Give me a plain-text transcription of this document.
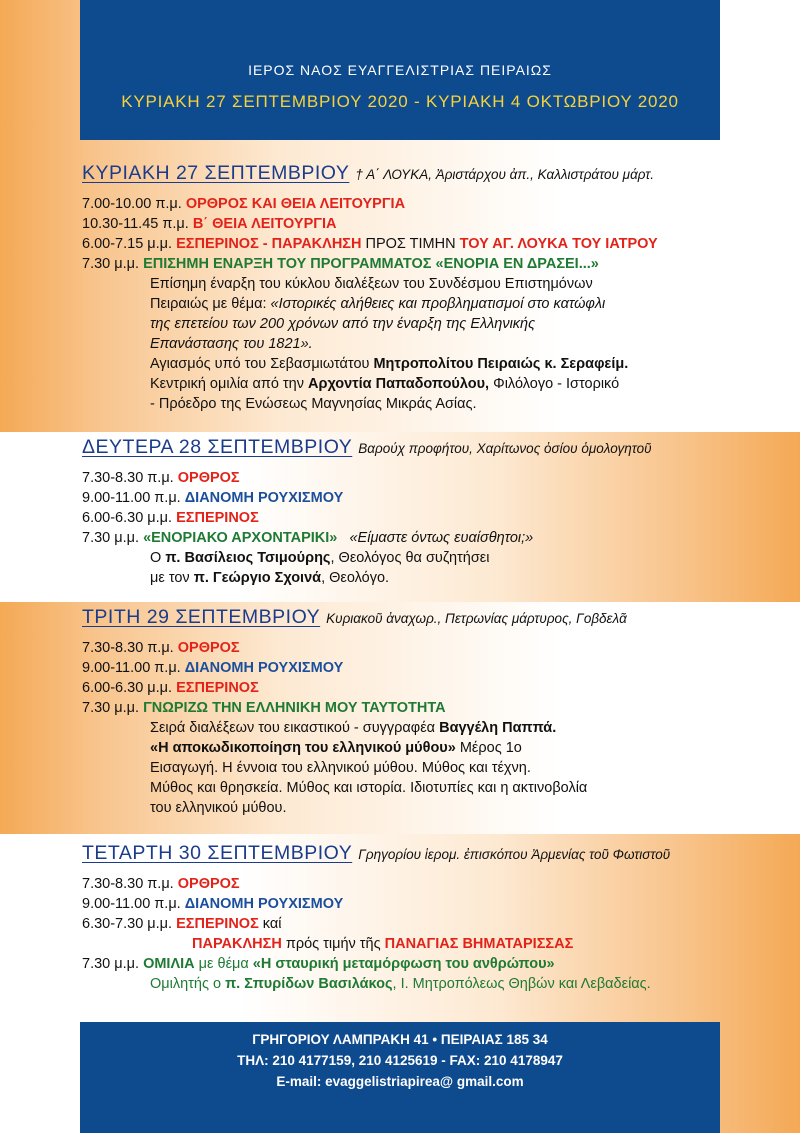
ΙΕΡΟΣ ΝΑΟΣ ΕΥΑΓΓΕΛΙΣΤΡΙΑΣ ΠΕΙΡΑΙΩΣ
ΚΥΡΙΑΚΗ 27 ΣΕΠΤΕΜΒΡΙΟΥ 2020 - ΚΥΡΙΑΚΗ 4 ΟΚΤΩΒΡΙΟΥ 2020
ΚΥΡΙΑΚΗ 27 ΣΕΠΤΕΜΒΡΙΟΥ † Α΄ ΛΟΥΚΑ, Ἀριστάρχου ἀπ., Καλλιστράτου μάρτ.
7.00-10.00 π.μ. ΟΡΘΡΟΣ ΚΑΙ ΘΕΙΑ ΛΕΙΤΟΥΡΓΙΑ
10.30-11.45 π.μ. Β΄ ΘΕΙΑ ΛΕΙΤΟΥΡΓΙΑ
6.00-7.15 μ.μ. ΕΣΠΕΡΙΝΟΣ - ΠΑΡΑΚΛΗΣΗ ΠΡΟΣ ΤΙΜΗΝ ΤΟΥ ΑΓ. ΛΟΥΚΑ ΤΟΥ ΙΑΤΡΟΥ
7.30 μ.μ. ΕΠΙΣΗΜΗ ΕΝΑΡΞΗ ΤΟΥ ΠΡΟΓΡΑΜΜΑΤΟΣ «ΕΝΟΡΙΑ ΕΝ ΔΡΑΣΕΙ...»
Επίσημη έναρξη του κύκλου διαλέξεων του Συνδέσμου Επιστημόνων
Πειραιώς με θέμα: «Ιστορικές αλήθειες και προβληματισμοί στο κατώφλι
της επετείου των 200 χρόνων από την έναρξη της Ελληνικής
Επανάστασης του 1821».
Αγιασμός υπό του Σεβασμιωτάτου Μητροπολίτου Πειραιώς κ. Σεραφείμ.
Κεντρική ομιλία από την Αρχοντία Παπαδοπούλου, Φιλόλογο - Ιστορικό
- Πρόεδρο της Ενώσεως Μαγνησίας Μικράς Ασίας.
ΔΕΥΤΕΡΑ 28 ΣΕΠΤΕΜΒΡΙΟΥ Βαρούχ προφήτου, Χαρίτωνος ὁσίου ὁμολογητοῦ
7.30-8.30 π.μ. ΟΡΘΡΟΣ
9.00-11.00 π.μ. ΔΙΑΝΟΜΗ ΡΟΥΧΙΣΜΟΥ
6.00-6.30 μ.μ. ΕΣΠΕΡΙΝΟΣ
7.30 μ.μ. «ΕΝΟΡΙΑΚΟ ΑΡΧΟΝΤΑΡΙΚΙ» «Είμαστε όντως ευαίσθητοι;»
Ο π. Βασίλειος Τσιμούρης, Θεολόγος θα συζητήσει
με τον π. Γεώργιο Σχοινά, Θεολόγο.
ΤΡΙΤΗ 29 ΣΕΠΤΕΜΒΡΙΟΥ Κυριακοῦ ἀναχωρ., Πετρωνίας μάρτυρος, Γοβδελᾶ
7.30-8.30 π.μ. ΟΡΘΡΟΣ
9.00-11.00 π.μ. ΔΙΑΝΟΜΗ ΡΟΥΧΙΣΜΟΥ
6.00-6.30 μ.μ. ΕΣΠΕΡΙΝΟΣ
7.30 μ.μ. ΓΝΩΡΙΖΩ ΤΗΝ ΕΛΛΗΝΙΚΗ ΜΟΥ ΤΑΥΤΟΤΗΤΑ
Σειρά διαλέξεων του εικαστικού - συγγραφέα Βαγγέλη Παππά.
«Η αποκωδικοποίηση του ελληνικού μύθου» Μέρος 1ο
Εισαγωγή. Η έννοια του ελληνικού μύθου. Μύθος και τέχνη.
Μύθος και θρησκεία. Μύθος και ιστορία. Ιδιοτυπίες και η ακτινοβολία
του ελληνικού μύθου.
ΤΕΤΑΡΤΗ 30 ΣΕΠΤΕΜΒΡΙΟΥ Γρηγορίου ἱερομ. ἐπισκόπου Ἀρμενίας τοῦ Φωτιστοῦ
7.30-8.30 π.μ. ΟΡΘΡΟΣ
9.00-11.00 π.μ. ΔΙΑΝΟΜΗ ΡΟΥΧΙΣΜΟΥ
6.30-7.30 μ.μ. ΕΣΠΕΡΙΝΟΣ καί
ΠΑΡΑΚΛΗΣΗ πρός τιμήν τῆς ΠΑΝΑΓΙΑΣ ΒΗΜΑΤΑΡΙΣΣΑΣ
7.30 μ.μ. ΟΜΙΛΙΑ με θέμα «Η σταυρική μεταμόρφωση του ανθρώπου»
Ομιλητής ο π. Σπυρίδων Βασιλάκος, Ι. Μητροπόλεως Θηβών και Λεβαδείας.
ΓΡΗΓΟΡΙΟΥ ΛΑΜΠΡΑΚΗ 41 • ΠΕΙΡΑΙΑΣ 185 34
ΤΗΛ: 210 4177159, 210 4125619 - FAX: 210 4178947
E-mail: evaggelistriapirea@ gmail.com
